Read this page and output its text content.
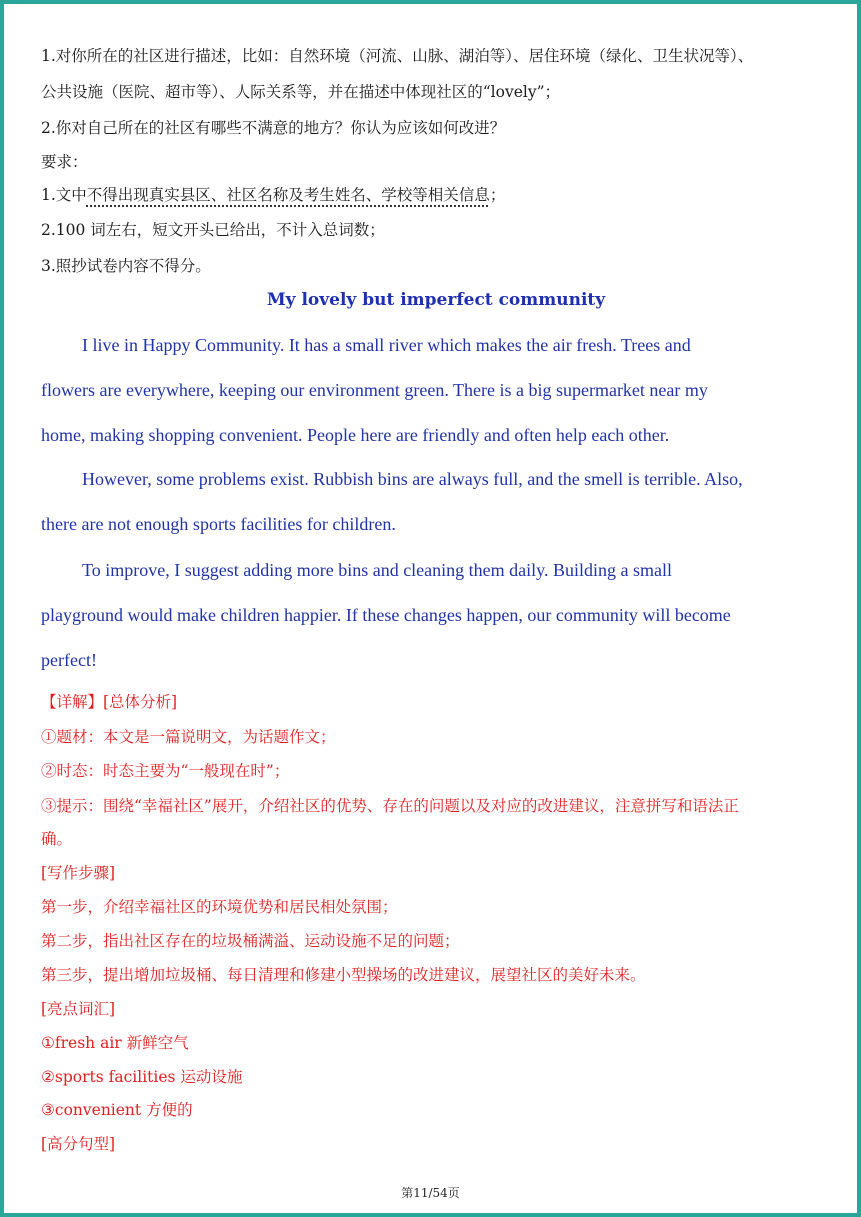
1.对你所在的社区进行描述，比如：自然环境（河流、山脉、湖泊等）、居住环境（绿化、卫生状况等）、
公共设施（医院、超市等）、人际关系等，并在描述中体现社区的“lovely”；
2.你对自己所在的社区有哪些不满意的地方？你认为应该如何改进？
要求：
1.文中不得出现真实县区、社区名称及考生姓名、学校等相关信息；
2.100 词左右，短文开头已给出，不计入总词数；
3.照抄试卷内容不得分。
My lovely but imperfect community
I live in Happy Community. It has a small river which makes the air fresh. Trees and
flowers are everywhere, keeping our environment green. There is a big supermarket near my
home, making shopping convenient. People here are friendly and often help each other.
However, some problems exist. Rubbish bins are always full, and the smell is terrible. Also,
there are not enough sports facilities for children.
To improve, I suggest adding more bins and cleaning them daily. Building a small
playground would make children happier. If these changes happen, our community will become
perfect!
【详解】[总体分析]
①题材：本文是一篇说明文，为话题作文；
②时态：时态主要为“一般现在时”；
③提示：围绕“幸福社区”展开，介绍社区的优势、存在的问题以及对应的改进建议，注意拼写和语法正
确。
[写作步骤]
第一步，介绍幸福社区的环境优势和居民相处氛围；
第二步，指出社区存在的垃圾桶满溢、运动设施不足的问题；
第三步，提出增加垃圾桶、每日清理和修建小型操场的改进建议，展望社区的美好未来。
[亮点词汇]
①fresh air 新鲜空气
②sports facilities 运动设施
③convenient 方便的
[高分句型]
第11/54页
